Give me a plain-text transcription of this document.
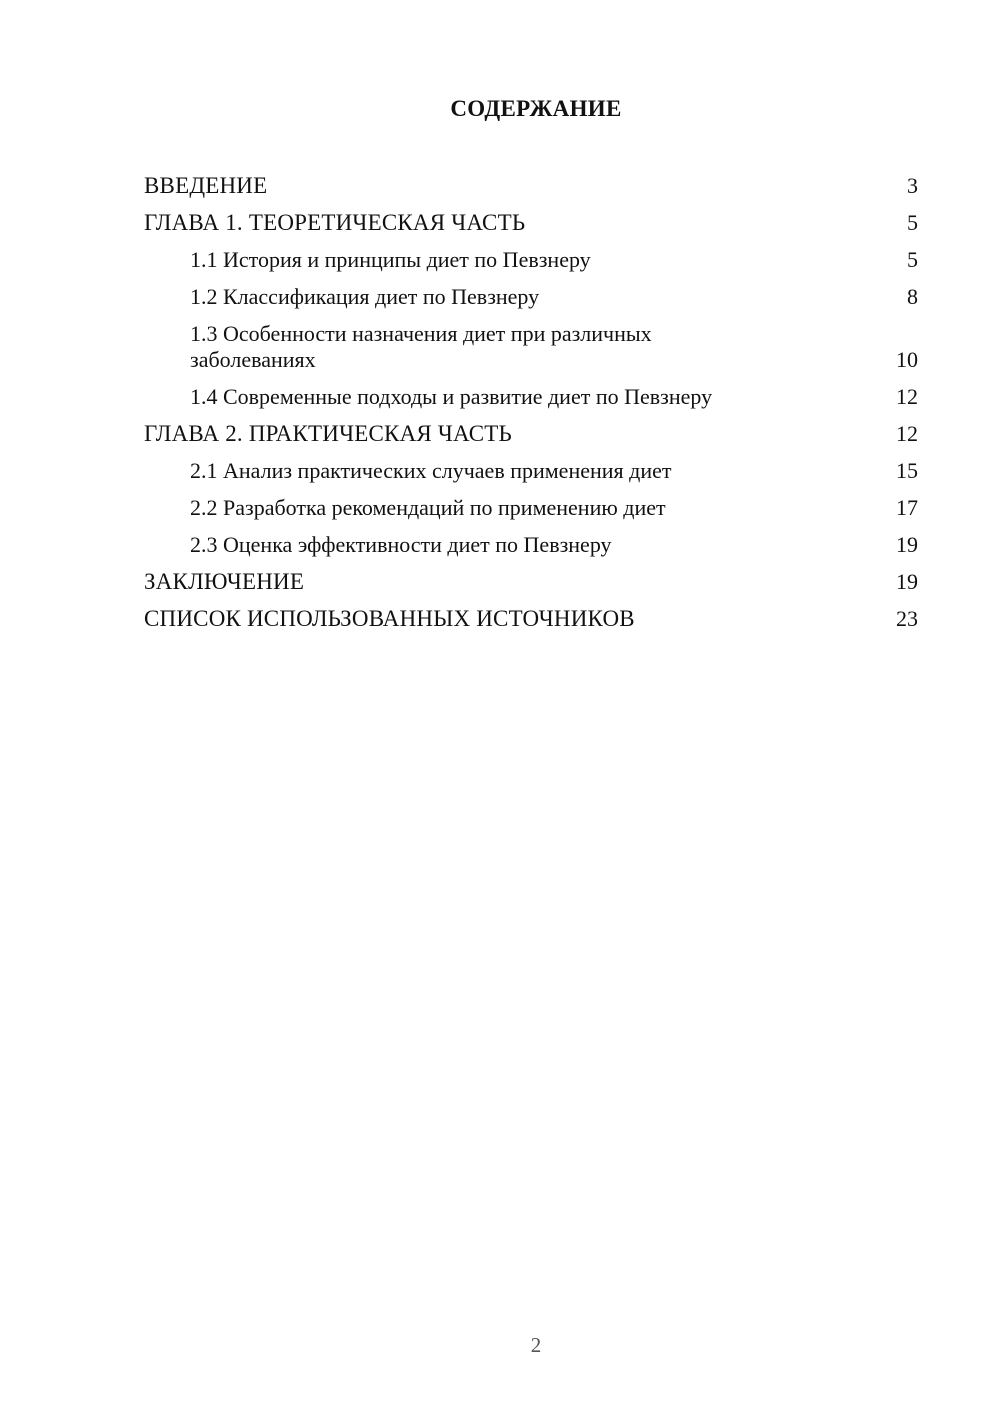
СОДЕРЖАНИЕ
ВВЕДЕНИЕ	3
ГЛАВА 1. ТЕОРЕТИЧЕСКАЯ ЧАСТЬ	5
1.1 История и принципы диет по Певзнеру	5
1.2 Классификация диет по Певзнеру	8
1.3 Особенности назначения диет при различных заболеваниях	10
1.4 Современные подходы и развитие диет по Певзнеру	12
ГЛАВА 2. ПРАКТИЧЕСКАЯ ЧАСТЬ	12
2.1 Анализ практических случаев применения диет	15
2.2 Разработка рекомендаций по применению диет	17
2.3 Оценка эффективности диет по Певзнеру	19
ЗАКЛЮЧЕНИЕ	19
СПИСОК ИСПОЛЬЗОВАННЫХ ИСТОЧНИКОВ	23
2
